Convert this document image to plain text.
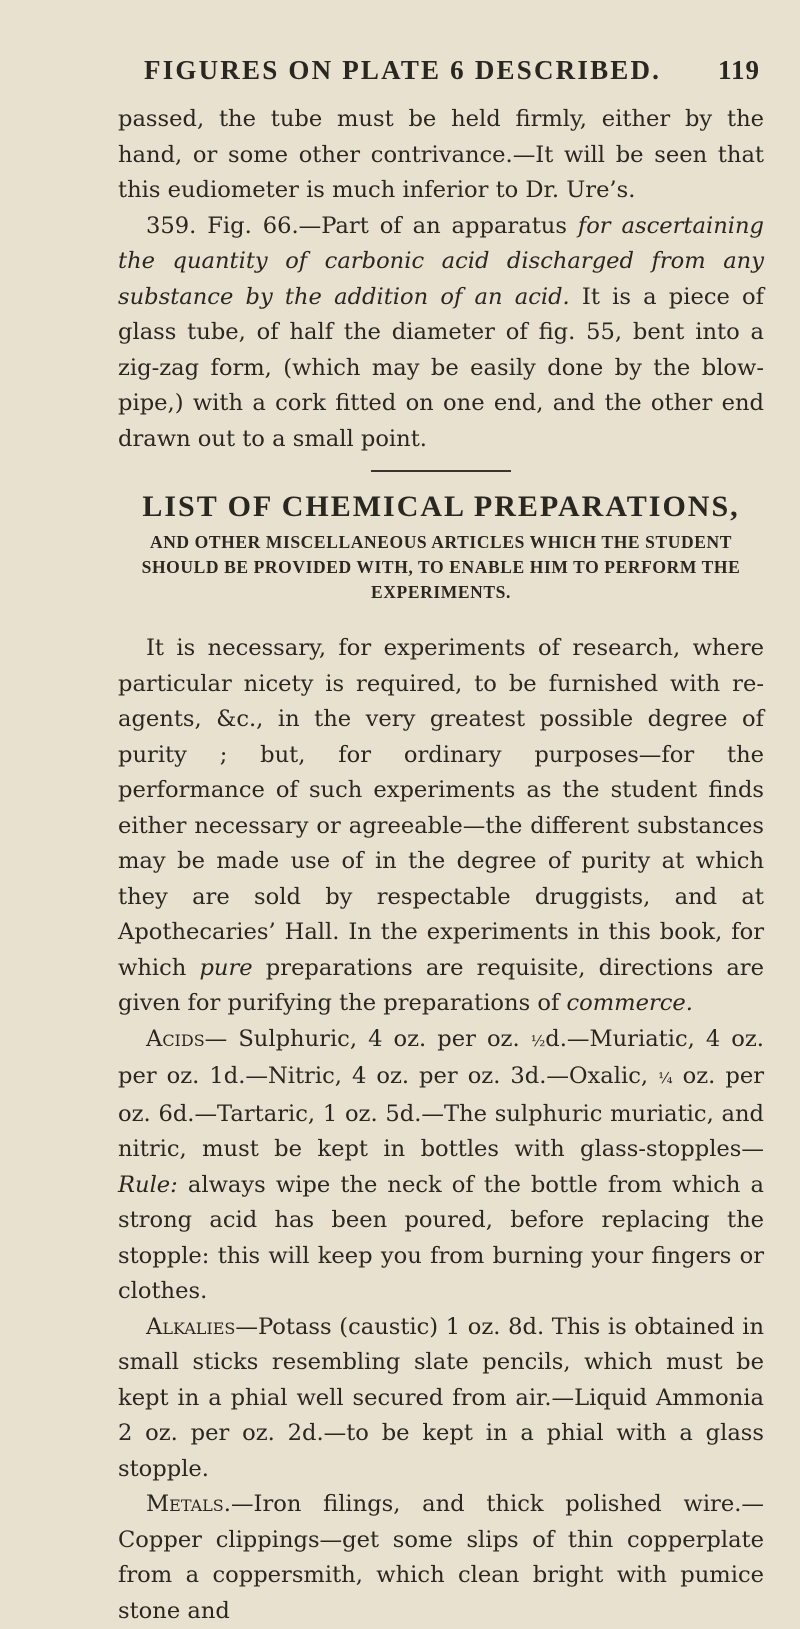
FIGURES ON PLATE 6 DESCRIBED. 119

passed, the tube must be held firmly, either by the hand, or some other contrivance.—It will be seen that this eudiometer is much inferior to Dr. Ure’s.

359. Fig. 66.—Part of an apparatus for ascertaining the quantity of carbonic acid discharged from any substance by the addition of an acid. It is a piece of glass tube, of half the diameter of fig. 55, bent into a zig-zag form, (which may be easily done by the blow-pipe,) with a cork fitted on one end, and the other end drawn out to a small point.

LIST OF CHEMICAL PREPARATIONS,
AND OTHER MISCELLANEOUS ARTICLES WHICH THE STUDENT SHOULD BE PROVIDED WITH, TO ENABLE HIM TO PERFORM THE EXPERIMENTS.

It is necessary, for experiments of research, where particular nicety is required, to be furnished with re-agents, &c., in the very greatest possible degree of purity ; but, for ordinary purposes—for the performance of such experiments as the student finds either necessary or agreeable—the different substances may be made use of in the degree of purity at which they are sold by respectable druggists, and at Apothecaries’ Hall. In the experiments in this book, for which pure preparations are requisite, directions are given for purifying the preparations of commerce.

Acids— Sulphuric, 4 oz. per oz. ½d.—Muriatic, 4 oz. per oz. 1d.—Nitric, 4 oz. per oz. 3d.—Oxalic, ¼ oz. per oz. 6d.—Tartaric, 1 oz. 5d.—The sulphuric muriatic, and nitric, must be kept in bottles with glass-stopples—Rule: always wipe the neck of the bottle from which a strong acid has been poured, before replacing the stopple: this will keep you from burning your fingers or clothes.

Alkalies—Potass (caustic) 1 oz. 8d. This is obtained in small sticks resembling slate pencils, which must be kept in a phial well secured from air.—Liquid Ammonia 2 oz. per oz. 2d.—to be kept in a phial with a glass stopple.

Metals.—Iron filings, and thick polished wire.—Copper clippings—get some slips of thin copperplate from a coppersmith, which clean bright with pumice stone and
